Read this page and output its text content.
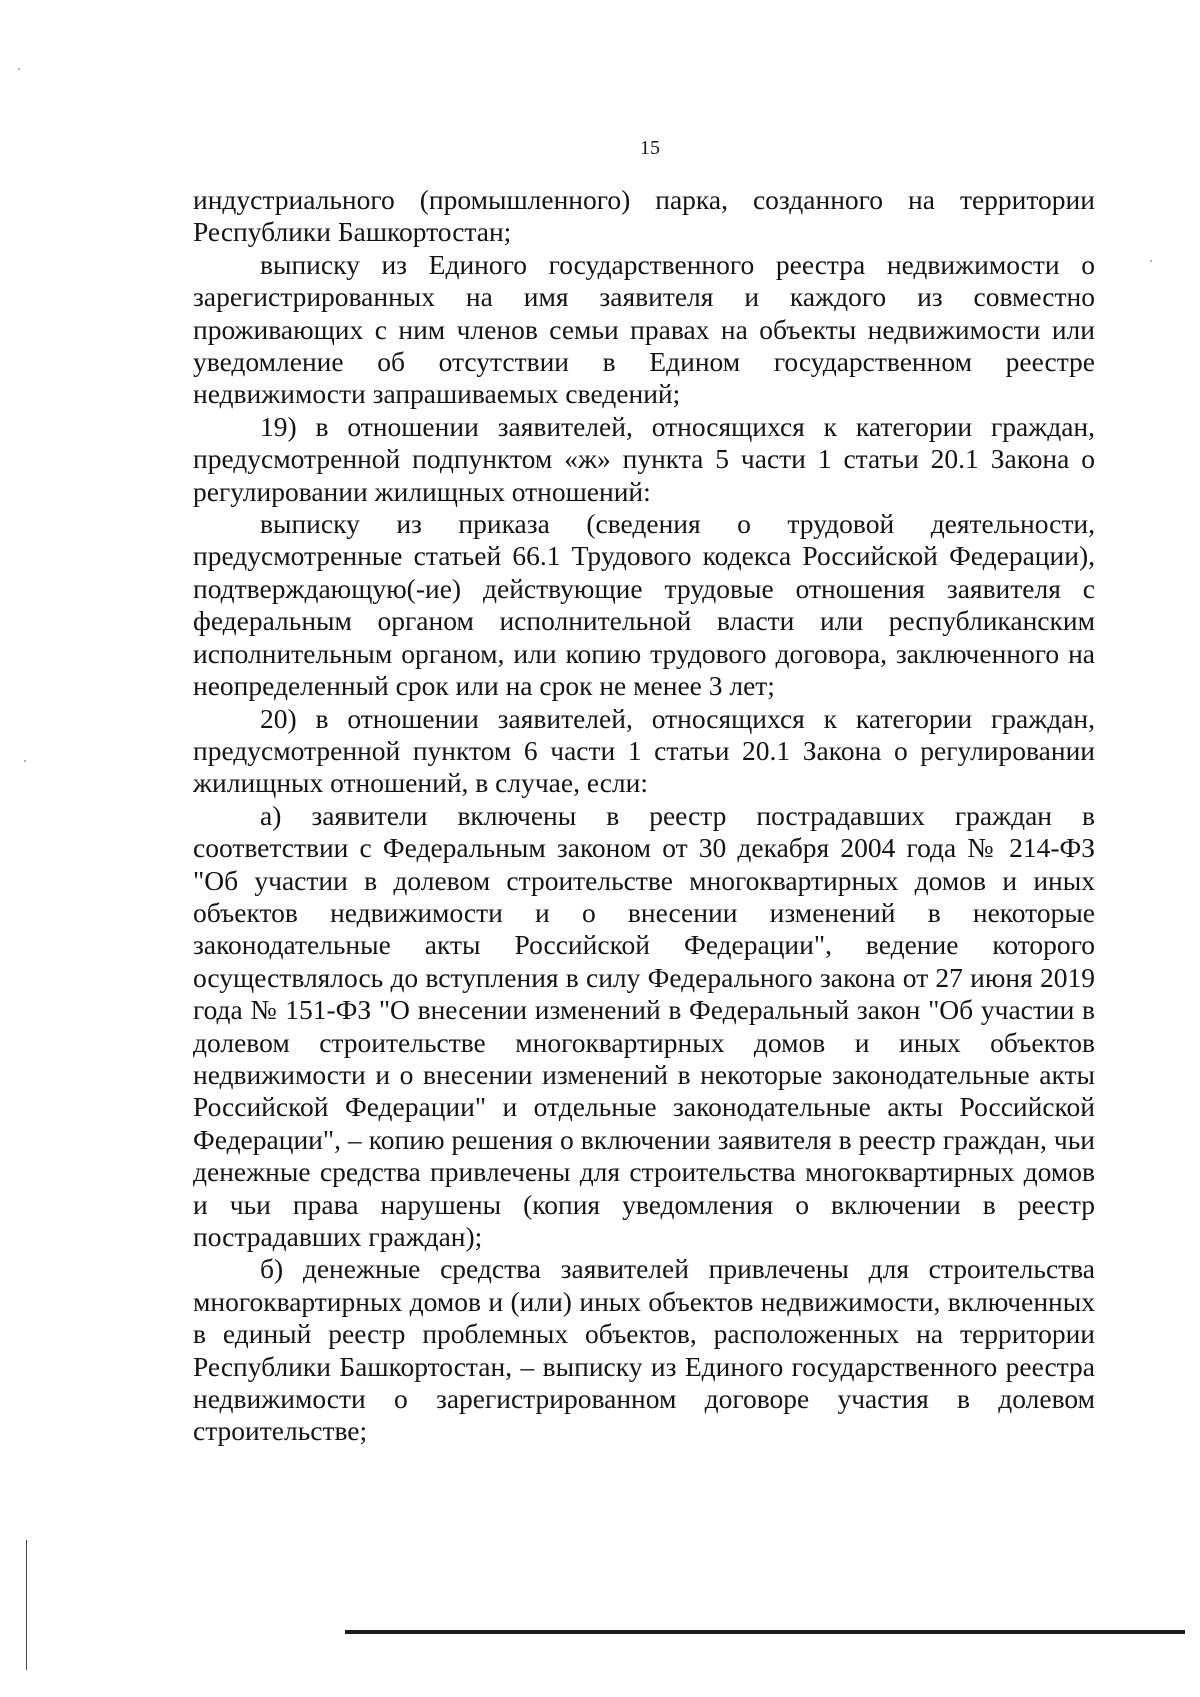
15

индустриального (промышленного) парка, созданного на территории Республики Башкортостан;

выписку из Единого государственного реестра недвижимости о зарегистрированных на имя заявителя и каждого из совместно проживающих с ним членов семьи правах на объекты недвижимости или уведомление об отсутствии в Едином государственном реестре недвижимости запрашиваемых сведений;

19) в отношении заявителей, относящихся к категории граждан, предусмотренной подпунктом «ж» пункта 5 части 1 статьи 20.1 Закона о регулировании жилищных отношений:

выписку из приказа (сведения о трудовой деятельности, предусмотренные статьей 66.1 Трудового кодекса Российской Федерации), подтверждающую(-ие) действующие трудовые отношения заявителя с федеральным органом исполнительной власти или республиканским исполнительным органом, или копию трудового договора, заключенного на неопределенный срок или на срок не менее 3 лет;

20) в отношении заявителей, относящихся к категории граждан, предусмотренной пунктом 6 части 1 статьи 20.1 Закона о регулировании жилищных отношений, в случае, если:

а) заявители включены в реестр пострадавших граждан в соответствии с Федеральным законом от 30 декабря 2004 года № 214-ФЗ "Об участии в долевом строительстве многоквартирных домов и иных объектов недвижимости и о внесении изменений в некоторые законодательные акты Российской Федерации", ведение которого осуществлялось до вступления в силу Федерального закона от 27 июня 2019 года № 151-ФЗ "О внесении изменений в Федеральный закон "Об участии в долевом строительстве многоквартирных домов и иных объектов недвижимости и о внесении изменений в некоторые законодательные акты Российской Федерации" и отдельные законодательные акты Российской Федерации", – копию решения о включении заявителя в реестр граждан, чьи денежные средства привлечены для строительства многоквартирных домов и чьи права нарушены (копия уведомления о включении в реестр пострадавших граждан);

б) денежные средства заявителей привлечены для строительства многоквартирных домов и (или) иных объектов недвижимости, включенных в единый реестр проблемных объектов, расположенных на территории Республики Башкортостан, – выписку из Единого государственного реестра недвижимости о зарегистрированном договоре участия в долевом строительстве;
